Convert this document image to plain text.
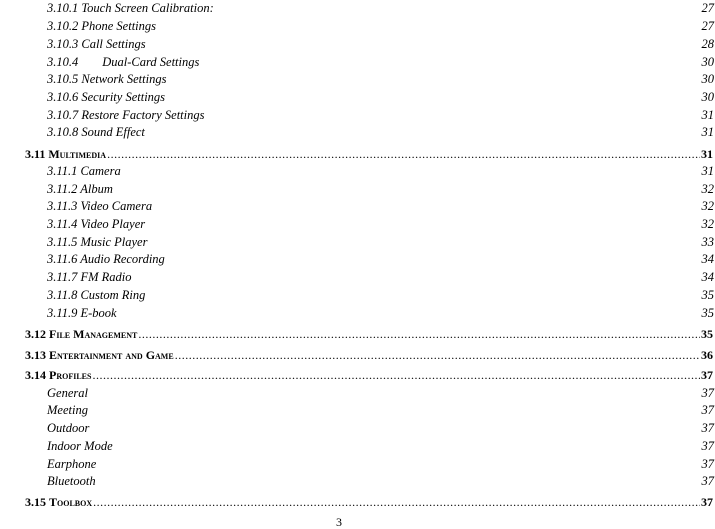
3.10.1 Touch Screen Calibration:	27
3.10.2 Phone Settings	27
3.10.3 Call Settings	28
3.10.4 Dual-Card Settings	30
3.10.5 Network Settings	30
3.10.6 Security Settings	30
3.10.7 Restore Factory Settings	31
3.10.8 Sound Effect	31
3.11 Multimedia .....	31
3.11.1 Camera	31
3.11.2 Album	32
3.11.3 Video Camera	32
3.11.4 Video Player	32
3.11.5 Music Player	33
3.11.6 Audio Recording	34
3.11.7 FM Radio	34
3.11.8 Custom Ring	35
3.11.9 E-book	35
3.12 File Management .....	35
3.13 Entertainment and Game .....	36
3.14 Profiles .....	37
General	37
Meeting	37
Outdoor	37
Indoor Mode	37
Earphone	37
Bluetooth	37
3.15 Toolbox .....	37
3
